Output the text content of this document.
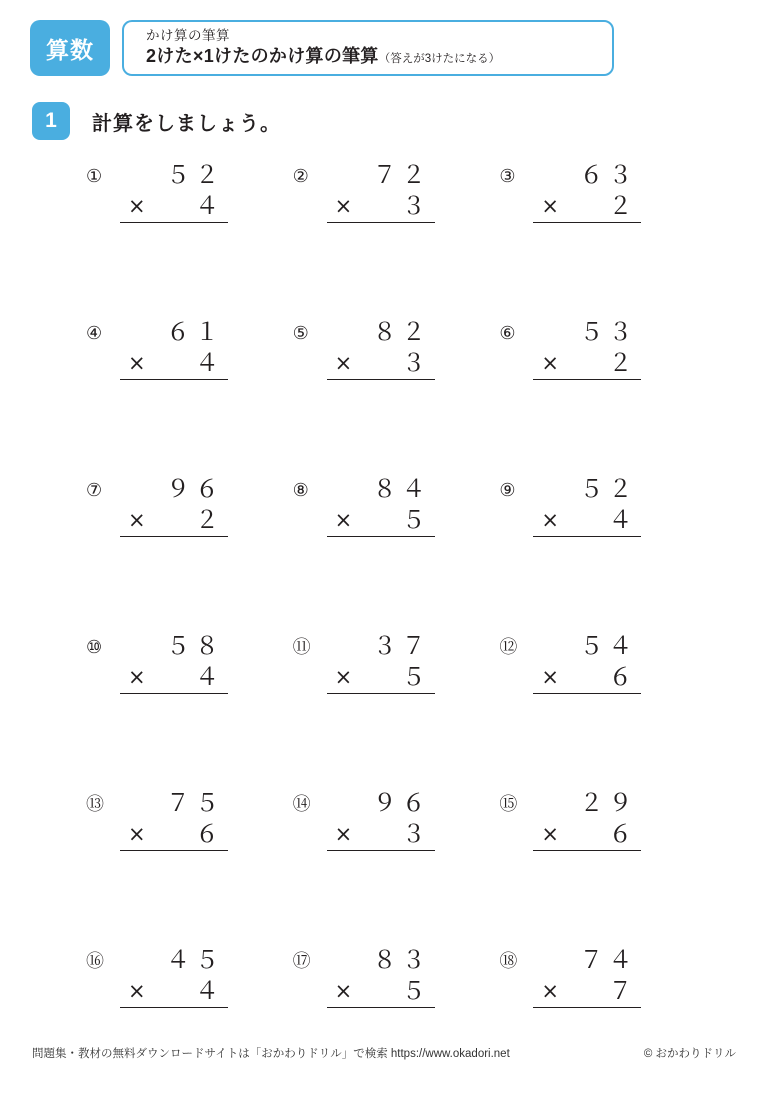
算数
かけ算の筆算
2けた×1けたのかけ算の筆算（答えが3けたになる）
1	計算をしましょう。
①	５２
× ４
②	７２
× ３
③	６３
× ２
④	６１
× ４
⑤	８２
× ３
⑥	５３
× ２
⑦	９６
× ２
⑧	８４
× ５
⑨	５２
× ４
⑩	５８
× ４
⑪	３７
× ５
⑫	５４
× ６
⑬	７５
× ６
⑭	９６
× ３
⑮	２９
× ６
⑯	４５
× ４
⑰	８３
× ５
⑱	７４
× ７
問題集・教材の無料ダウンロードサイトは「おかわりドリル」で検索 https://www.okadori.net	© おかわりドリル
